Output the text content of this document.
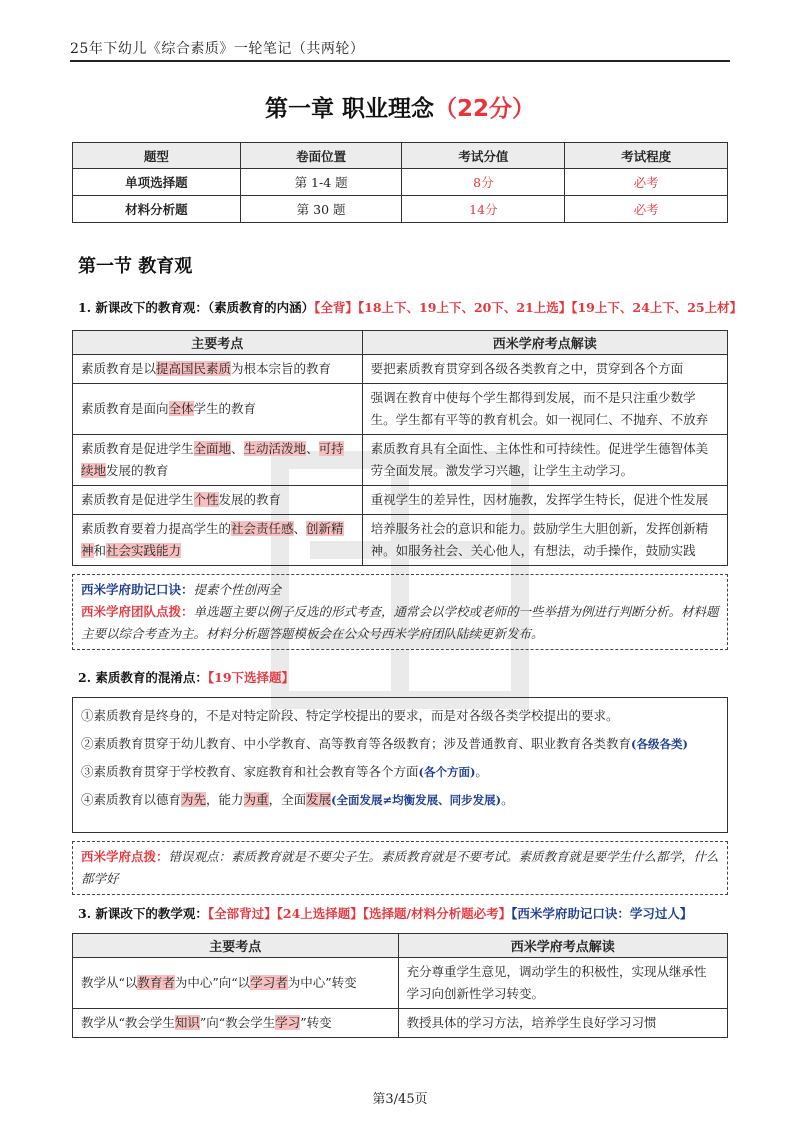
25年下幼儿《综合素质》一轮笔记（共两轮）
第一章 职业理念（22分）
题型	卷面位置	考试分值	考试程度
单项选择题	第 1-4 题	8分	必考
材料分析题	第 30 题	14分	必考
第一节 教育观
1. 新课改下的教育观：（素质教育的内涵）【全背】【18上下、19上下、20下、21上选】【19上下、24上下、25上材】
主要考点	西米学府考点解读
素质教育是以提高国民素质为根本宗旨的教育	要把素质教育贯穿到各级各类教育之中，贯穿到各个方面
素质教育是面向全体学生的教育	强调在教育中使每个学生都得到发展，而不是只注重少数学生。学生都有平等的教育机会。如一视同仁、不抛弃、不放弃
素质教育是促进学生全面地、生动活泼地、可持续地发展的教育	素质教育具有全面性、主体性和可持续性。促进学生德智体美劳全面发展。激发学习兴趣，让学生主动学习。
素质教育是促进学生个性发展的教育	重视学生的差异性，因材施教，发挥学生特长，促进个性发展
素质教育要着力提高学生的社会责任感、创新精神和社会实践能力	培养服务社会的意识和能力。鼓励学生大胆创新，发挥创新精神。如服务社会、关心他人，有想法，动手操作，鼓励实践
西米学府助记口诀：提素个性创两全
西米学府团队点拨：单选题主要以例子反选的形式考查，通常会以学校或老师的一些举措为例进行判断分析。材料题主要以综合考查为主。材料分析题答题模板会在公众号西米学府团队陆续更新发布。
2. 素质教育的混淆点：【19下选择题】

①素质教育是终身的，不是对特定阶段、特定学校提出的要求，而是对各级各类学校提出的要求。

②素质教育贯穿于幼儿教育、中小学教育、高等教育等各级教育；涉及普通教育、职业教育各类教育(各级各类)

③素质教育贯穿于学校教育、家庭教育和社会教育等各个方面(各个方面)。

④素质教育以德育为先，能力为重，全面发展(全面发展≠均衡发展、同步发展)。

西米学府点拨：错误观点：素质教育就是不要尖子生。素质教育就是不要考试。素质教育就是要学生什么都学，什么都学好
3. 新课改下的教学观：【全部背过】【24上选择题】【选择题/材料分析题必考】【西米学府助记口诀：学习过人】
主要考点	西米学府考点解读
教学从“以教育者为中心”向“以学习者为中心”转变	充分尊重学生意见，调动学生的积极性，实现从继承性学习向创新性学习转变。
教学从“教会学生知识”向“教会学生学习”转变	教授具体的学习方法，培养学生良好学习习惯
第3/45页
